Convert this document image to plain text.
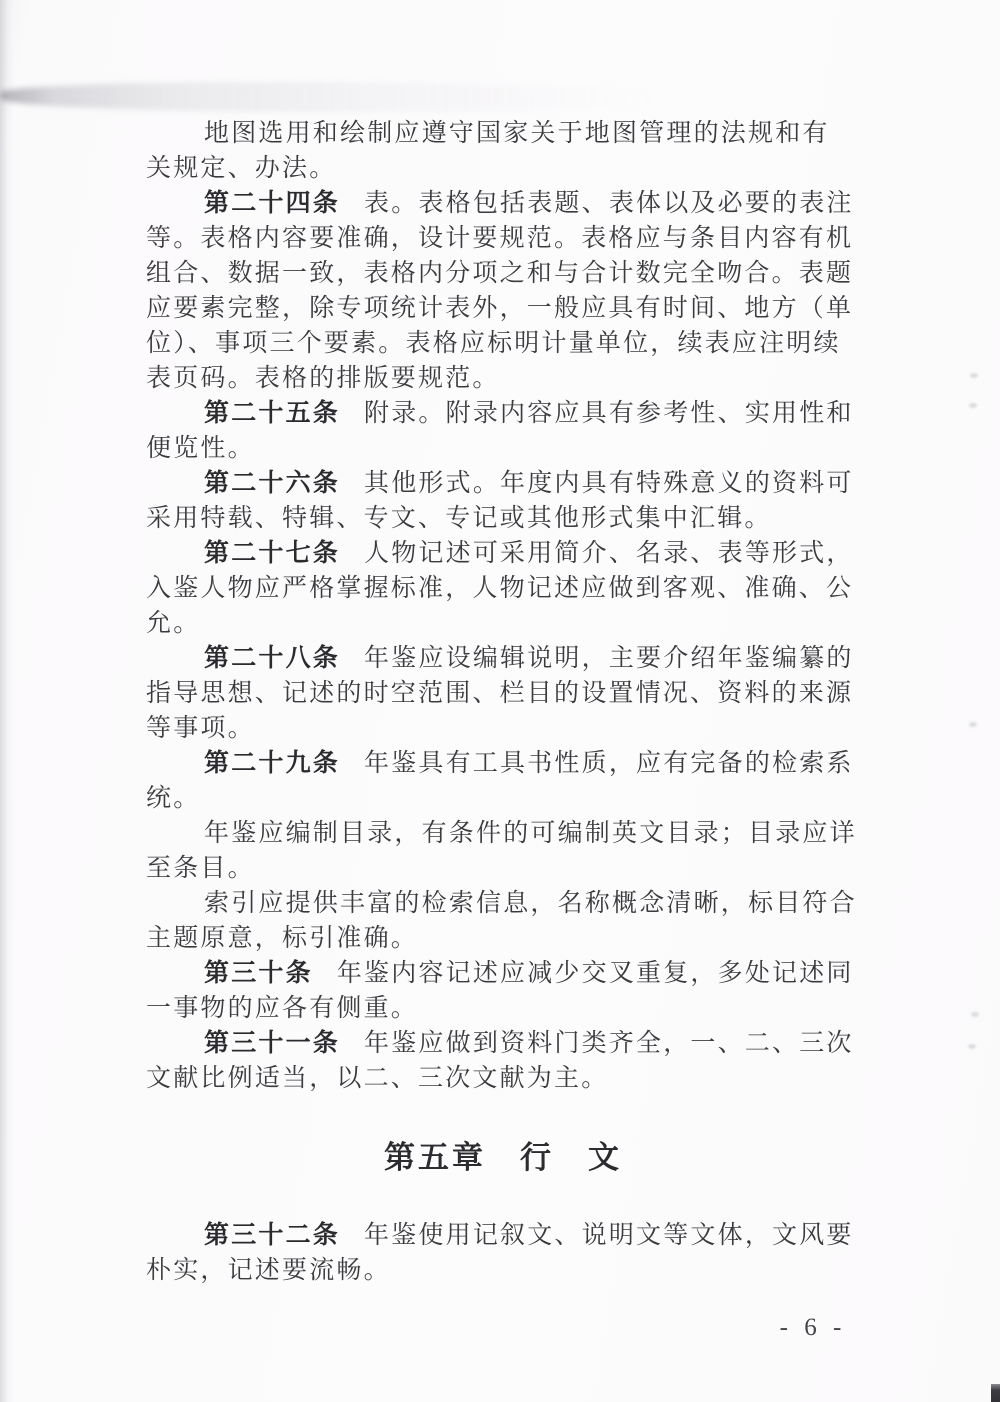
地图选用和绘制应遵守国家关于地图管理的法规和有
关规定、办法。
第二十四条 表。表格包括表题、表体以及必要的表注
等。表格内容要准确，设计要规范。表格应与条目内容有机
组合、数据一致，表格内分项之和与合计数完全吻合。表题
应要素完整，除专项统计表外，一般应具有时间、地方（单
位）、事项三个要素。表格应标明计量单位，续表应注明续
表页码。表格的排版要规范。
第二十五条 附录。附录内容应具有参考性、实用性和
便览性。
第二十六条 其他形式。年度内具有特殊意义的资料可
采用特载、特辑、专文、专记或其他形式集中汇辑。
第二十七条 人物记述可采用简介、名录、表等形式，
入鉴人物应严格掌握标准，人物记述应做到客观、准确、公
允。
第二十八条 年鉴应设编辑说明，主要介绍年鉴编纂的
指导思想、记述的时空范围、栏目的设置情况、资料的来源
等事项。
第二十九条 年鉴具有工具书性质，应有完备的检索系
统。
年鉴应编制目录，有条件的可编制英文目录；目录应详
至条目。
索引应提供丰富的检索信息，名称概念清晰，标目符合
主题原意，标引准确。
第三十条 年鉴内容记述应减少交叉重复，多处记述同
一事物的应各有侧重。
第三十一条 年鉴应做到资料门类齐全，一、二、三次
文献比例适当，以二、三次文献为主。
第五章　行　文
第三十二条 年鉴使用记叙文、说明文等文体，文风要
朴实，记述要流畅。
- 6 -
